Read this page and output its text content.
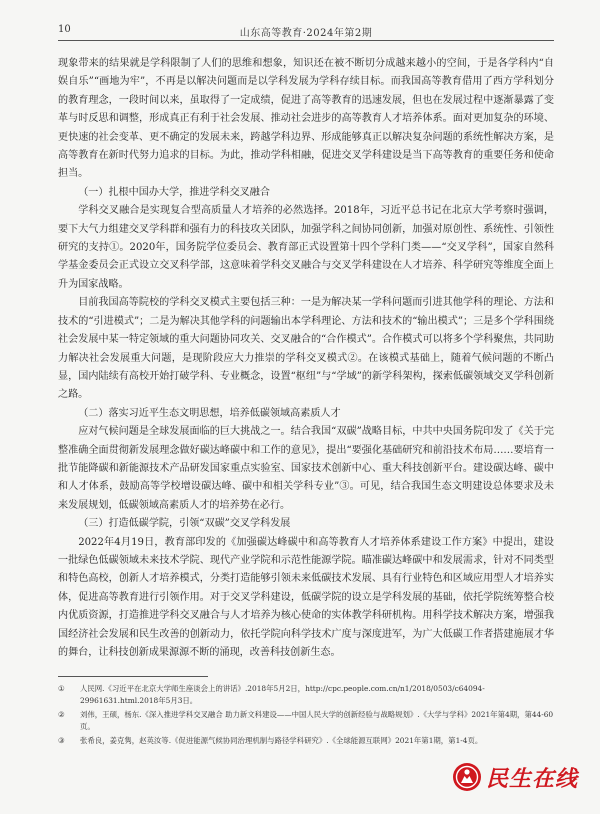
10	山东高等教育·2024年第2期

现象带来的结果就是学科限制了人们的思维和想象，知识还在被不断切分成越来越小的空间，于是各学科内“自娱自乐”“画地为牢”，不再是以解决问题而是以学科发展为学科存续目标。而我国高等教育借用了西方学科划分的教育理念，一段时间以来，虽取得了一定成绩，促进了高等教育的迅速发展，但也在发展过程中逐渐暴露了变革与时反思和调整，形成真正有利于社会发展、推动社会进步的高等教育人才培养体系。面对更加复杂的环境、更快速的社会变革、更不确定的发展未来，跨越学科边界、形成能够真正以解决复杂问题的系统性解决方案，是高等教育在新时代努力追求的目标。为此，推动学科相融，促进交叉学科建设是当下高等教育的重要任务和使命担当。

（一）扎根中国办大学，推进学科交叉融合

学科交叉融合是实现复合型高质量人才培养的必然选择。2018年，习近平总书记在北京大学考察时强调，要下大气力组建交叉学科群和强有力的科技攻关团队，加强学科之间协同创新，加强对原创性、系统性、引领性研究的支持①。2020年，国务院学位委员会、教育部正式设置第十四个学科门类——“交叉学科”，国家自然科学基金委员会正式设立交叉科学部，这意味着学科交叉融合与交叉学科建设在人才培养、科学研究等维度全面上升为国家战略。

目前我国高等院校的学科交叉模式主要包括三种：一是为解决某一学科问题而引进其他学科的理论、方法和技术的“引进模式”；二是为解决其他学科的问题输出本学科理论、方法和技术的“输出模式”；三是多个学科围绕社会发展中某一特定领域的重大问题协同攻关、交叉融合的“合作模式”。合作模式可以将多个学科聚焦，共同助力解决社会发展重大问题，是现阶段应大力推崇的学科交叉模式②。在该模式基础上，随着气候问题的不断凸显，国内陆续有高校开始打破学科、专业概念，设置“枢纽”与“学域”的新学科架构，探索低碳领域交叉学科创新之路。

（二）落实习近平生态文明思想，培养低碳领域高素质人才

应对气候问题是全球发展面临的巨大挑战之一。结合我国“双碳”战略目标，中共中央国务院印发了《关于完整准确全面贯彻新发展理念做好碳达峰碳中和工作的意见》，提出“要强化基础研究和前沿技术布局……要培育一批节能降碳和新能源技术产品研发国家重点实验室、国家技术创新中心、重大科技创新平台。建设碳达峰、碳中和人才体系，鼓励高等学校增设碳达峰、碳中和相关学科专业”③。可见，结合我国生态文明建设总体要求及未来发展规划，低碳领域高素质人才的培养势在必行。

（三）打造低碳学院，引领“双碳”交叉学科发展

2022年4月19日，教育部印发的《加强碳达峰碳中和高等教育人才培养体系建设工作方案》中提出，建设一批绿色低碳领域未来技术学院、现代产业学院和示范性能源学院。瞄准碳达峰碳中和发展需求，针对不同类型和特色高校，创新人才培养模式，分类打造能够引领未来低碳技术发展、具有行业特色和区域应用型人才培养实体，促进高等教育进行引领作用。对于交叉学科建设，低碳学院的设立是学科发展的基础，依托学院统筹整合校内优质资源，打造推进学科交叉融合与人才培养为核心使命的实体教学科研机构。用科学技术解决方案，增强我国经济社会发展和民生改善的创新动力，依托学院向科学技术广度与深度进军，为广大低碳工作者搭建施展才华的舞台，让科技创新成果源源不断的涌现，改善科技创新生态。

①	人民网.《习近平在北京大学师生座谈会上的讲话》.2018年5月2日，http://cpc.people.com.cn/n1/2018/0503/c64094-29961631.html.2018年5月3日。
②	刘伟，王硕，杨东.《深入推进学科交叉融合 助力新文科建设——中国人民大学的创新经验与战略规划》.《大学与学科》2021年第4期，第44-60页。
③	张希良，姜克隽，赵英汝等.《促进能源气候协同治理机制与路径学科研究》.《全球能源互联网》2021年第1期，第1-4页。
民生在线
